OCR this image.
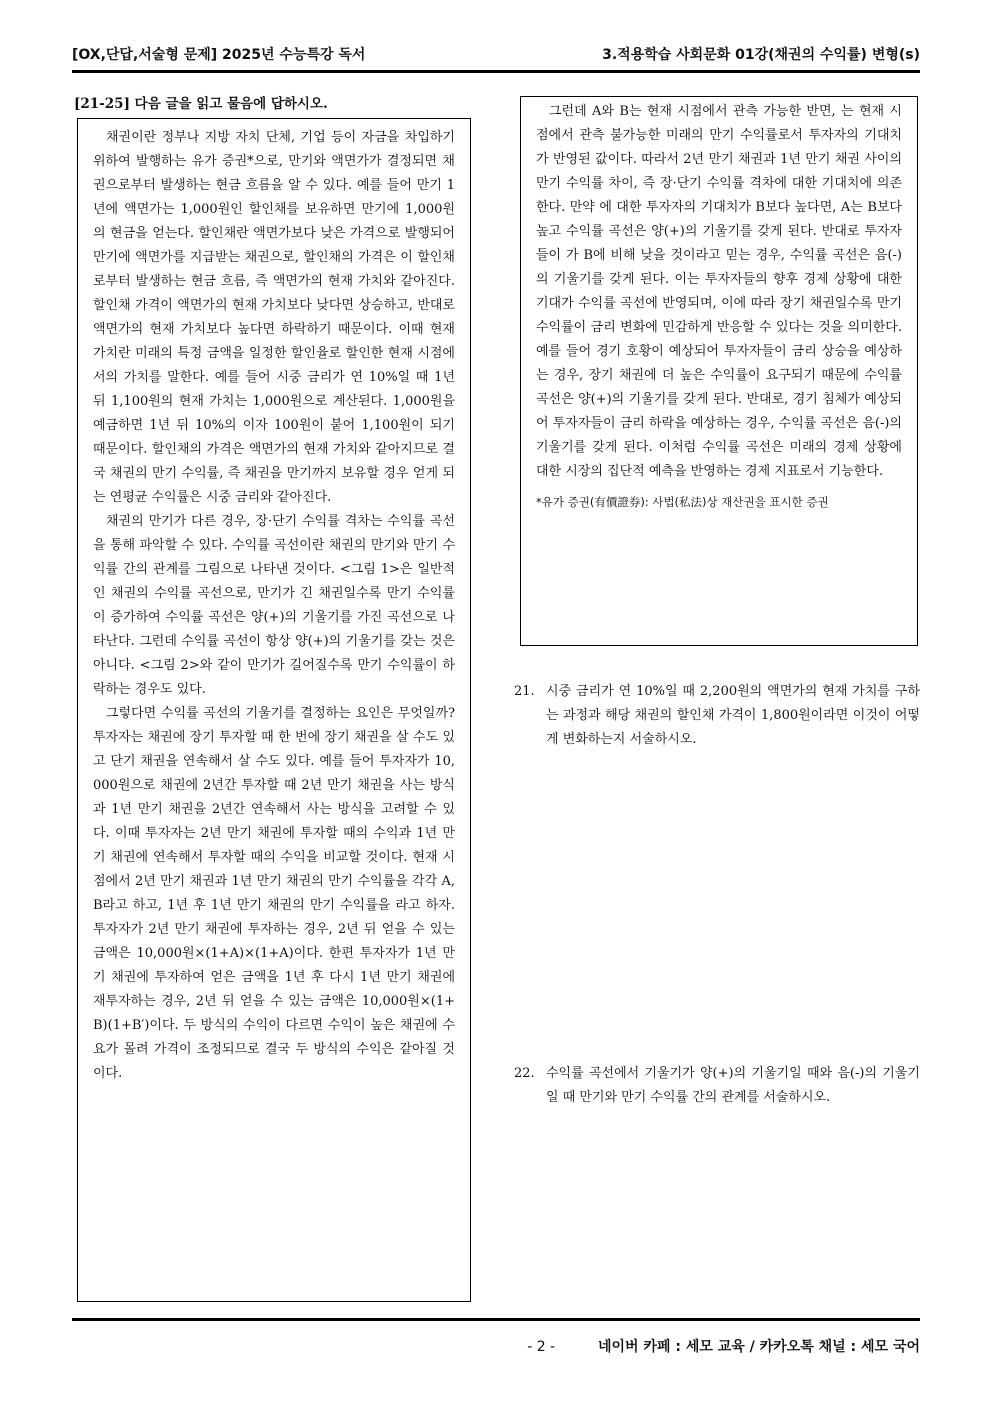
[OX,단답,서술형 문제] 2025년 수능특강 독서	3.적용학습 사회문화 01강(채권의 수익률) 변형(s)
[21-25] 다음 글을 읽고 물음에 답하시오.

채권이란 정부나 지방 자치 단체, 기업 등이 자금을 차입하기 위하여 발행하는 유가 증권*으로, 만기와 액면가가 결정되면 채권으로부터 발생하는 현금 흐름을 알 수 있다. 예를 들어 만기 1년에 액면가는 1,000원인 할인채를 보유하면 만기에 1,000원의 현금을 얻는다. 할인채란 액면가보다 낮은 가격으로 발행되어 만기에 액면가를 지급받는 채권으로, 할인채의 가격은 이 할인채로부터 발생하는 현금 흐름, 즉 액면가의 현재 가치와 같아진다. 할인채 가격이 액면가의 현재 가치보다 낮다면 상승하고, 반대로 액면가의 현재 가치보다 높다면 하락하기 때문이다. 이때 현재 가치란 미래의 특정 금액을 일정한 할인율로 할인한 현재 시점에서의 가치를 말한다. 예를 들어 시중 금리가 연 10%일 때 1년 뒤 1,100원의 현재 가치는 1,000원으로 계산된다. 1,000원을 예금하면 1년 뒤 10%의 이자 100원이 붙어 1,100원이 되기 때문이다. 할인채의 가격은 액면가의 현재 가치와 같아지므로 결국 채권의 만기 수익률, 즉 채권을 만기까지 보유할 경우 얻게 되는 연평균 수익률은 시중 금리와 같아진다.

채권의 만기가 다른 경우, 장·단기 수익률 격차는 수익률 곡선을 통해 파악할 수 있다. 수익률 곡선이란 채권의 만기와 만기 수익률 간의 관계를 그림으로 나타낸 것이다. <그림 1>은 일반적인 채권의 수익률 곡선으로, 만기가 긴 채권일수록 만기 수익률이 증가하여 수익률 곡선은 양(+)의 기울기를 가진 곡선으로 나타난다. 그런데 수익률 곡선이 항상 양(+)의 기울기를 갖는 것은 아니다. <그림 2>와 같이 만기가 길어질수록 만기 수익률이 하락하는 경우도 있다.

그렇다면 수익률 곡선의 기울기를 결정하는 요인은 무엇일까? 투자자는 채권에 장기 투자할 때 한 번에 장기 채권을 살 수도 있고 단기 채권을 연속해서 살 수도 있다. 예를 들어 투자자가 10,000원으로 채권에 2년간 투자할 때 2년 만기 채권을 사는 방식과 1년 만기 채권을 2년간 연속해서 사는 방식을 고려할 수 있다. 이때 투자자는 2년 만기 채권에 투자할 때의 수익과 1년 만기 채권에 연속해서 투자할 때의 수익을 비교할 것이다. 현재 시점에서 2년 만기 채권과 1년 만기 채권의 만기 수익률을 각각 A, B라고 하고, 1년 후 1년 만기 채권의 만기 수익률을 라고 하자. 투자자가 2년 만기 채권에 투자하는 경우, 2년 뒤 얻을 수 있는 금액은 10,000원×(1+A)×(1+A)이다. 한편 투자자가 1년 만기 채권에 투자하여 얻은 금액을 1년 후 다시 1년 만기 채권에 재투자하는 경우, 2년 뒤 얻을 수 있는 금액은 10,000원×(1+B)(1+B′)이다. 두 방식의 수익이 다르면 수익이 높은 채권에 수요가 몰려 가격이 조정되므로 결국 두 방식의 수익은 같아질 것이다.

그런데 A와 B는 현재 시점에서 관측 가능한 반면, 는 현재 시점에서 관측 불가능한 미래의 만기 수익률로서 투자자의 기대치가 반영된 값이다. 따라서 2년 만기 채권과 1년 만기 채권 사이의 만기 수익률 차이, 즉 장·단기 수익률 격차에 대한 기대치에 의존한다. 만약 에 대한 투자자의 기대치가 B보다 높다면, A는 B보다 높고 수익률 곡선은 양(+)의 기울기를 갖게 된다. 반대로 투자자들이 가 B에 비해 낮을 것이라고 믿는 경우, 수익률 곡선은 음(-)의 기울기를 갖게 된다. 이는 투자자들의 향후 경제 상황에 대한 기대가 수익률 곡선에 반영되며, 이에 따라 장기 채권일수록 만기 수익률이 금리 변화에 민감하게 반응할 수 있다는 것을 의미한다. 예를 들어 경기 호황이 예상되어 투자자들이 금리 상승을 예상하는 경우, 장기 채권에 더 높은 수익률이 요구되기 때문에 수익률 곡선은 양(+)의 기울기를 갖게 된다. 반대로, 경기 침체가 예상되어 투자자들이 금리 하락을 예상하는 경우, 수익률 곡선은 음(-)의 기울기를 갖게 된다. 이처럼 수익률 곡선은 미래의 경제 상황에 대한 시장의 집단적 예측을 반영하는 경제 지표로서 기능한다.

*유가 증권(有價證券): 사법(私法)상 재산권을 표시한 증권
21. 시중 금리가 연 10%일 때 2,200원의 액면가의 현재 가치를 구하는 과정과 해당 채권의 할인채 가격이 1,800원이라면 이것이 어떻게 변화하는지 서술하시오.
22. 수익률 곡선에서 기울기가 양(+)의 기울기일 때와 음(-)의 기울기일 때 만기와 만기 수익률 간의 관계를 서술하시오.
- 2 -	네이버 카페 : 세모 교육 / 카카오톡 채널 : 세모 국어
